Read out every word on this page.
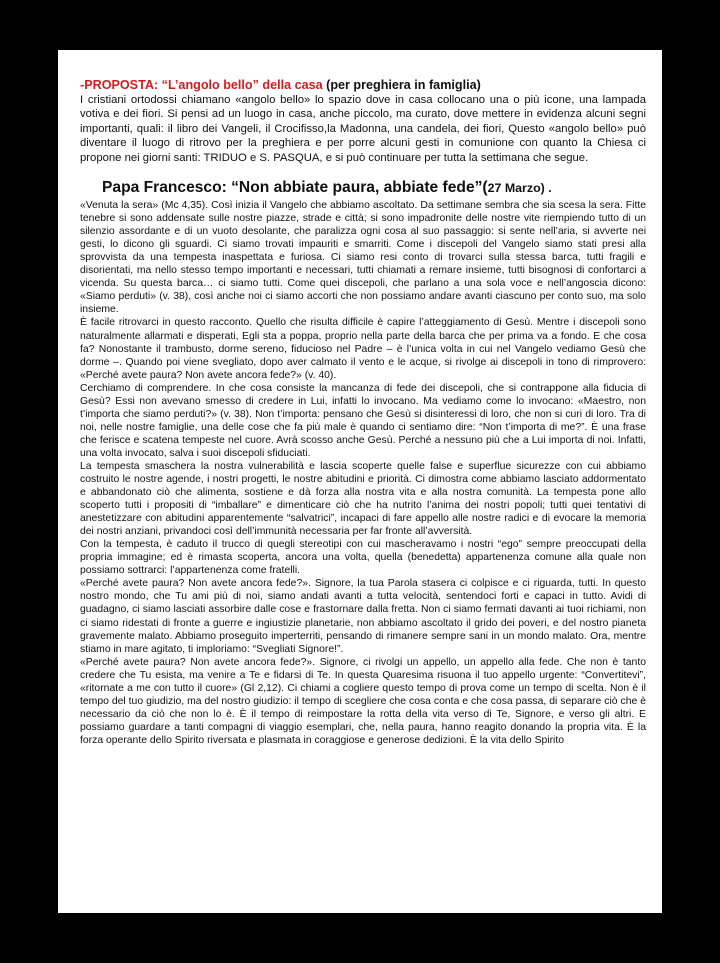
-PROPOSTA: “L’angolo bello” della casa (per preghiera in famiglia)
I cristiani ortodossi chiamano «angolo bello» lo spazio dove in casa collocano una o più icone, una lampada votiva e dei fiori. Si pensi ad un luogo in casa, anche piccolo, ma curato, dove mettere in evidenza alcuni segni importanti, quali: il libro dei Vangeli, il Crocifisso,la Madonna, una candela, dei fiori, Questo «angolo bello» può diventare il luogo di ritrovo per la preghiera e per porre alcuni gesti in comunione con quanto la Chiesa ci propone nei giorni santi: TRIDUO e S. PASQUA, e si può continuare per tutta la settimana che segue.
Papa Francesco: “Non abbiate paura, abbiate fede”(27 Marzo) .

«Venuta la sera» (Mc 4,35). Così inizia il Vangelo che abbiamo ascoltato. Da settimane sembra che sia scesa la sera. Fitte tenebre si sono addensate sulle nostre piazze, strade e città; si sono impadronite delle nostre vite riempiendo tutto di un silenzio assordante e di un vuoto desolante, che paralizza ogni cosa al suo passaggio: si sente nell’aria, si avverte nei gesti, lo dicono gli sguardi. Ci siamo trovati impauriti e smarriti. Come i discepoli del Vangelo siamo stati presi alla sprovvista da una tempesta inaspettata e furiosa. Ci siamo resi conto di trovarci sulla stessa barca, tutti fragili e disorientati, ma nello stesso tempo importanti e necessari, tutti chiamati a remare insieme, tutti bisognosi di confortarci a vicenda. Su questa barca… ci siamo tutti. Come quei discepoli, che parlano a una sola voce e nell’angoscia dicono: «Siamo perduti» (v. 38), così anche noi ci siamo accorti che non possiamo andare avanti ciascuno per conto suo, ma solo insieme.

È facile ritrovarci in questo racconto. Quello che risulta difficile è capire l’atteggiamento di Gesù. Mentre i discepoli sono naturalmente allarmati e disperati, Egli sta a poppa, proprio nella parte della barca che per prima va a fondo. E che cosa fa? Nonostante il trambusto, dorme sereno, fiducioso nel Padre – è l’unica volta in cui nel Vangelo vediamo Gesù che dorme –. Quando poi viene svegliato, dopo aver calmato il vento e le acque, si rivolge ai discepoli in tono di rimprovero: «Perché avete paura? Non avete ancora fede?» (v. 40).

Cerchiamo di comprendere. In che cosa consiste la mancanza di fede dei discepoli, che si contrappone alla fiducia di Gesù? Essi non avevano smesso di credere in Lui, infatti lo invocano. Ma vediamo come lo invocano: «Maestro, non t’importa che siamo perduti?» (v. 38). Non t’importa: pensano che Gesù si disinteressi di loro, che non si curi di loro. Tra di noi, nelle nostre famiglie, una delle cose che fa più male è quando ci sentiamo dire: “Non t’importa di me?”. È una frase che ferisce e scatena tempeste nel cuore. Avrà scosso anche Gesù. Perché a nessuno più che a Lui importa di noi. Infatti, una volta invocato, salva i suoi discepoli sfiduciati.

La tempesta smaschera la nostra vulnerabilità e lascia scoperte quelle false e superflue sicurezze con cui abbiamo costruito le nostre agende, i nostri progetti, le nostre abitudini e priorità. Ci dimostra come abbiamo lasciato addormentato e abbandonato ciò che alimenta, sostiene e dà forza alla nostra vita e alla nostra comunità. La tempesta pone allo scoperto tutti i propositi di “imballare” e dimenticare ciò che ha nutrito l’anima dei nostri popoli; tutti quei tentativi di anestetizzare con abitudini apparentemente “salvatrici”, incapaci di fare appello alle nostre radici e di evocare la memoria dei nostri anziani, privandoci così dell’immunità necessaria per far fronte all’avversità.

Con la tempesta, è caduto il trucco di quegli stereotipi con cui mascheravamo i nostri “ego” sempre preoccupati della propria immagine; ed è rimasta scoperta, ancora una volta, quella (benedetta) appartenenza comune alla quale non possiamo sottrarci: l’appartenenza come fratelli.

«Perché avete paura? Non avete ancora fede?». Signore, la tua Parola stasera ci colpisce e ci riguarda, tutti. In questo nostro mondo, che Tu ami più di noi, siamo andati avanti a tutta velocità, sentendoci forti e capaci in tutto. Avidi di guadagno, ci siamo lasciati assorbire dalle cose e frastornare dalla fretta. Non ci siamo fermati davanti ai tuoi richiami, non ci siamo ridestati di fronte a guerre e ingiustizie planetarie, non abbiamo ascoltato il grido dei poveri, e del nostro pianeta gravemente malato. Abbiamo proseguito imperterriti, pensando di rimanere sempre sani in un mondo malato. Ora, mentre stiamo in mare agitato, ti imploriamo: “Svegliati Signore!”.

«Perché avete paura? Non avete ancora fede?». Signore, ci rivolgi un appello, un appello alla fede. Che non è tanto credere che Tu esista, ma venire a Te e fidarsi di Te. In questa Quaresima risuona il tuo appello urgente: “Convertitevi”, «ritornate a me con tutto il cuore» (Gl 2,12). Ci chiami a cogliere questo tempo di prova come un tempo di scelta. Non è il tempo del tuo giudizio, ma del nostro giudizio: il tempo di scegliere che cosa conta e che cosa passa, di separare ciò che è necessario da ciò che non lo è. È il tempo di reimpostare la rotta della vita verso di Te, Signore, e verso gli altri. E possiamo guardare a tanti compagni di viaggio esemplari, che, nella paura, hanno reagito donando la propria vita. È la forza operante dello Spirito riversata e plasmata in coraggiose e generose dedizioni. È la vita dello Spirito
